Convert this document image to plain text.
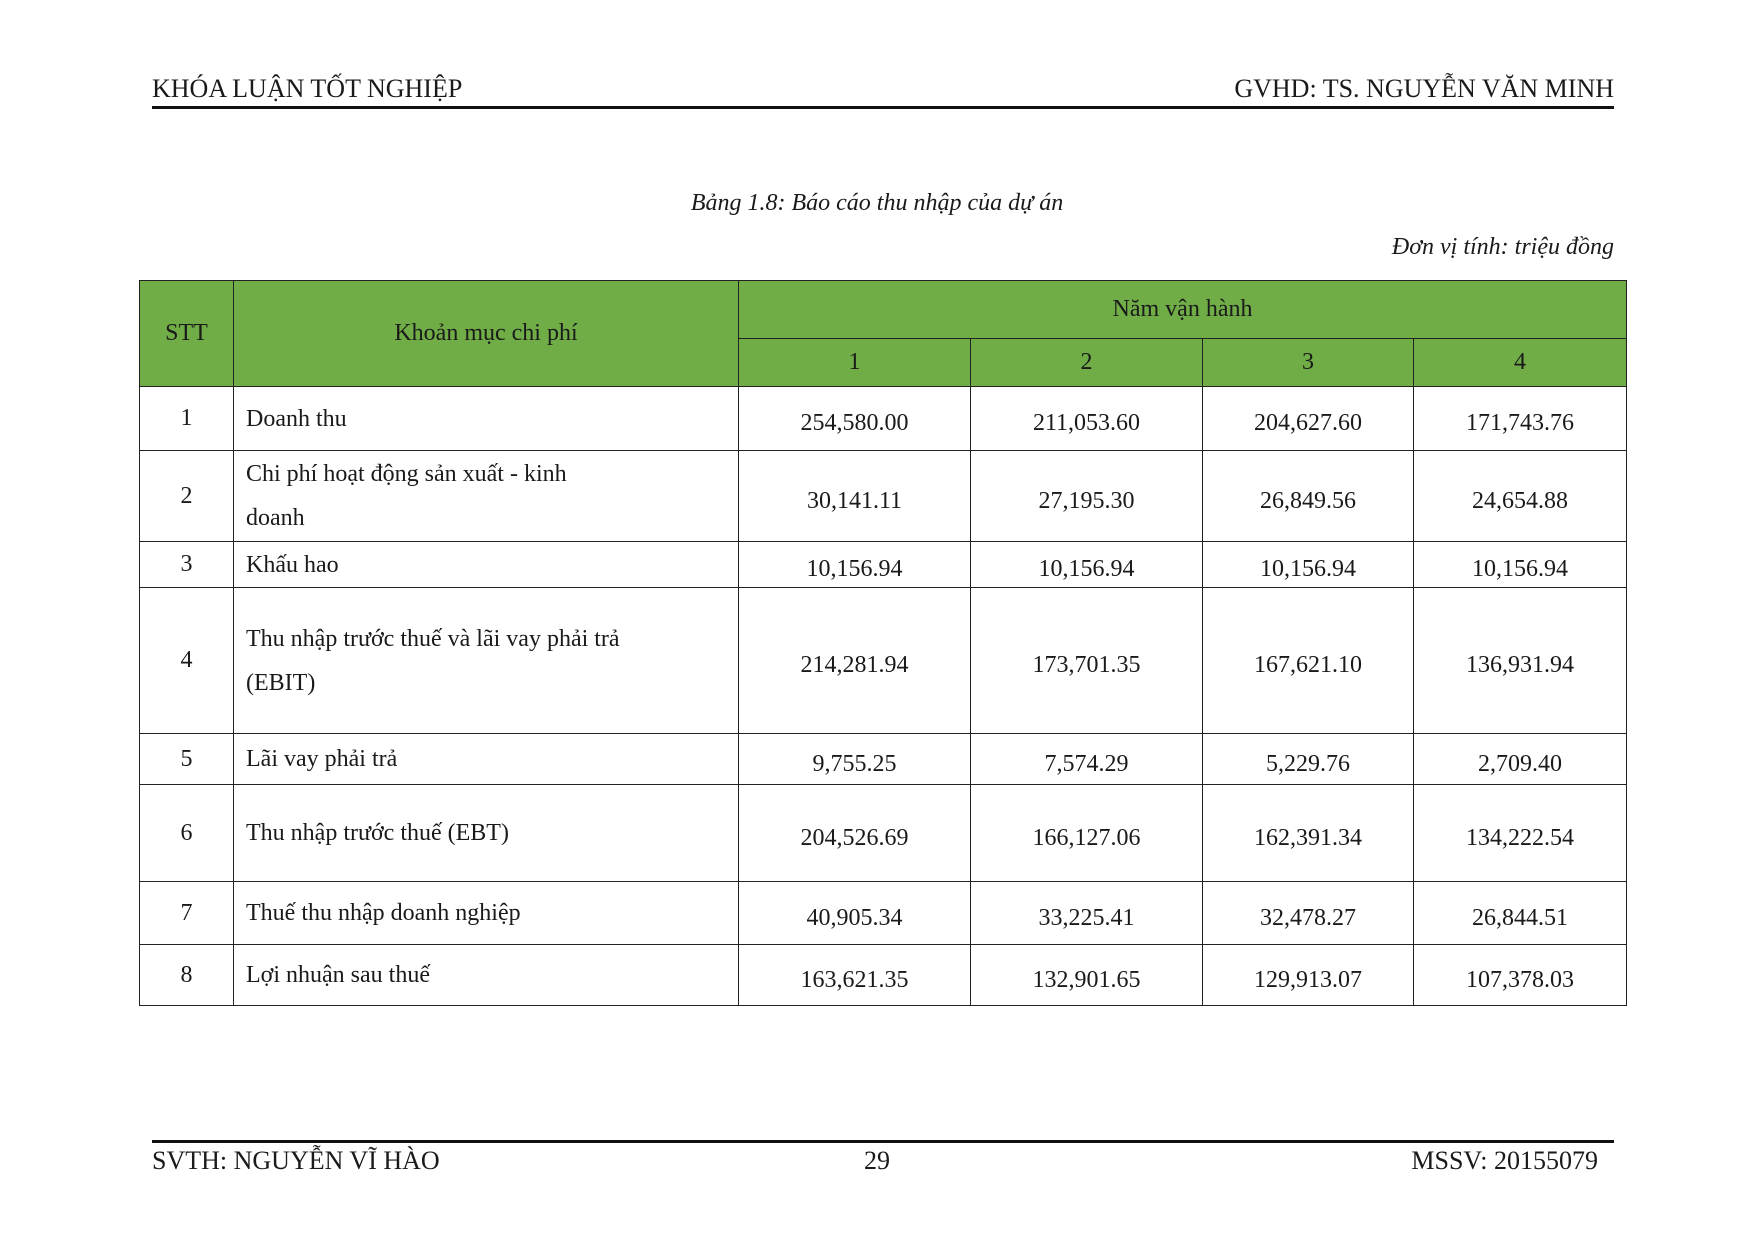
KHÓA LUẬN TỐT NGHIỆP	GVHD: TS. NGUYỄN VĂN MINH
Bảng 1.8: Báo cáo thu nhập của dự án
Đơn vị tính: triệu đồng
STT	Khoản mục chi phí	Năm vận hành			
		1	2	3	4
1	Doanh thu	254,580.00	211,053.60	204,627.60	171,743.76
2	Chi phí hoạt động sản xuất - kinh doanh	30,141.11	27,195.30	26,849.56	24,654.88
3	Khấu hao	10,156.94	10,156.94	10,156.94	10,156.94
4	Thu nhập trước thuế và lãi vay phải trả (EBIT)	214,281.94	173,701.35	167,621.10	136,931.94
5	Lãi vay phải trả	9,755.25	7,574.29	5,229.76	2,709.40
6	Thu nhập trước thuế (EBT)	204,526.69	166,127.06	162,391.34	134,222.54
7	Thuế thu nhập doanh nghiệp	40,905.34	33,225.41	32,478.27	26,844.51
8	Lợi nhuận sau thuế	163,621.35	132,901.65	129,913.07	107,378.03
SVTH: NGUYỄN VĨ HÀO	29	MSSV: 20155079
